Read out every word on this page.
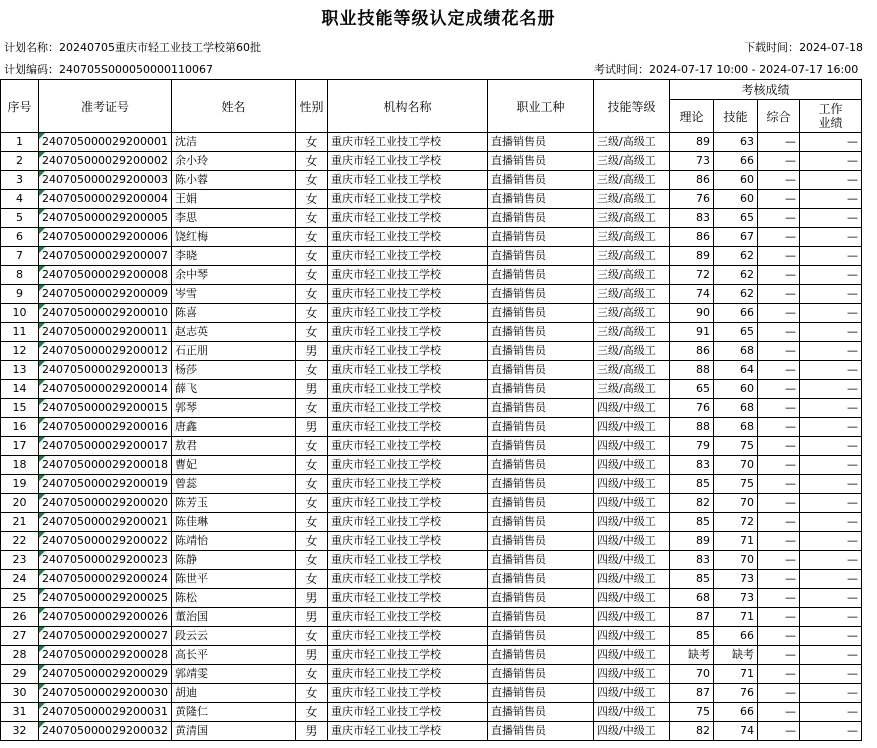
职业技能等级认定成绩花名册
计划名称：20240705重庆市轻工业技工学校第60批	下载时间：2024-07-18
计划编码：240705S000050000110067	考试时间：2024-07-17 10:00 - 2024-07-17 16:00
序号	准考证号	姓名	性别	机构名称	职业工种	技能等级	考核成绩			
							理论	技能	综合	工作
业绩
1	240705000029200001	沈洁	女	重庆市轻工业技工学校	直播销售员	三级/高级工	89	63	—	—
2	240705000029200002	余小玲	女	重庆市轻工业技工学校	直播销售员	三级/高级工	73	66	—	—
3	240705000029200003	陈小蓉	女	重庆市轻工业技工学校	直播销售员	三级/高级工	86	60	—	—
4	240705000029200004	王娟	女	重庆市轻工业技工学校	直播销售员	三级/高级工	76	60	—	—
5	240705000029200005	李思	女	重庆市轻工业技工学校	直播销售员	三级/高级工	83	65	—	—
6	240705000029200006	饶红梅	女	重庆市轻工业技工学校	直播销售员	三级/高级工	86	67	—	—
7	240705000029200007	李晓	女	重庆市轻工业技工学校	直播销售员	三级/高级工	89	62	—	—
8	240705000029200008	余中琴	女	重庆市轻工业技工学校	直播销售员	三级/高级工	72	62	—	—
9	240705000029200009	岑雪	女	重庆市轻工业技工学校	直播销售员	三级/高级工	74	62	—	—
10	240705000029200010	陈喜	女	重庆市轻工业技工学校	直播销售员	三级/高级工	90	66	—	—
11	240705000029200011	赵志英	女	重庆市轻工业技工学校	直播销售员	三级/高级工	91	65	—	—
12	240705000029200012	石正朋	男	重庆市轻工业技工学校	直播销售员	三级/高级工	86	68	—	—
13	240705000029200013	杨莎	女	重庆市轻工业技工学校	直播销售员	三级/高级工	88	64	—	—
14	240705000029200014	薛飞	男	重庆市轻工业技工学校	直播销售员	三级/高级工	65	60	—	—
15	240705000029200015	郭琴	女	重庆市轻工业技工学校	直播销售员	四级/中级工	76	68	—	—
16	240705000029200016	唐鑫	男	重庆市轻工业技工学校	直播销售员	四级/中级工	88	68	—	—
17	240705000029200017	敖君	女	重庆市轻工业技工学校	直播销售员	四级/中级工	79	75	—	—
18	240705000029200018	曹妃	女	重庆市轻工业技工学校	直播销售员	四级/中级工	83	70	—	—
19	240705000029200019	曾蕊	女	重庆市轻工业技工学校	直播销售员	四级/中级工	85	75	—	—
20	240705000029200020	陈芳玉	女	重庆市轻工业技工学校	直播销售员	四级/中级工	82	70	—	—
21	240705000029200021	陈佳琳	女	重庆市轻工业技工学校	直播销售员	四级/中级工	85	72	—	—
22	240705000029200022	陈靖怡	女	重庆市轻工业技工学校	直播销售员	四级/中级工	89	71	—	—
23	240705000029200023	陈静	女	重庆市轻工业技工学校	直播销售员	四级/中级工	83	70	—	—
24	240705000029200024	陈世平	女	重庆市轻工业技工学校	直播销售员	四级/中级工	85	73	—	—
25	240705000029200025	陈松	男	重庆市轻工业技工学校	直播销售员	四级/中级工	68	73	—	—
26	240705000029200026	董治国	男	重庆市轻工业技工学校	直播销售员	四级/中级工	87	71	—	—
27	240705000029200027	段云云	女	重庆市轻工业技工学校	直播销售员	四级/中级工	85	66	—	—
28	240705000029200028	高长平	男	重庆市轻工业技工学校	直播销售员	四级/中级工	缺考	缺考	—	—
29	240705000029200029	郭靖雯	女	重庆市轻工业技工学校	直播销售员	四级/中级工	70	71	—	—
30	240705000029200030	胡迪	女	重庆市轻工业技工学校	直播销售员	四级/中级工	87	76	—	—
31	240705000029200031	黄隆仁	女	重庆市轻工业技工学校	直播销售员	四级/中级工	75	66	—	—
32	240705000029200032	黄清国	男	重庆市轻工业技工学校	直播销售员	四级/中级工	82	74	—	—
